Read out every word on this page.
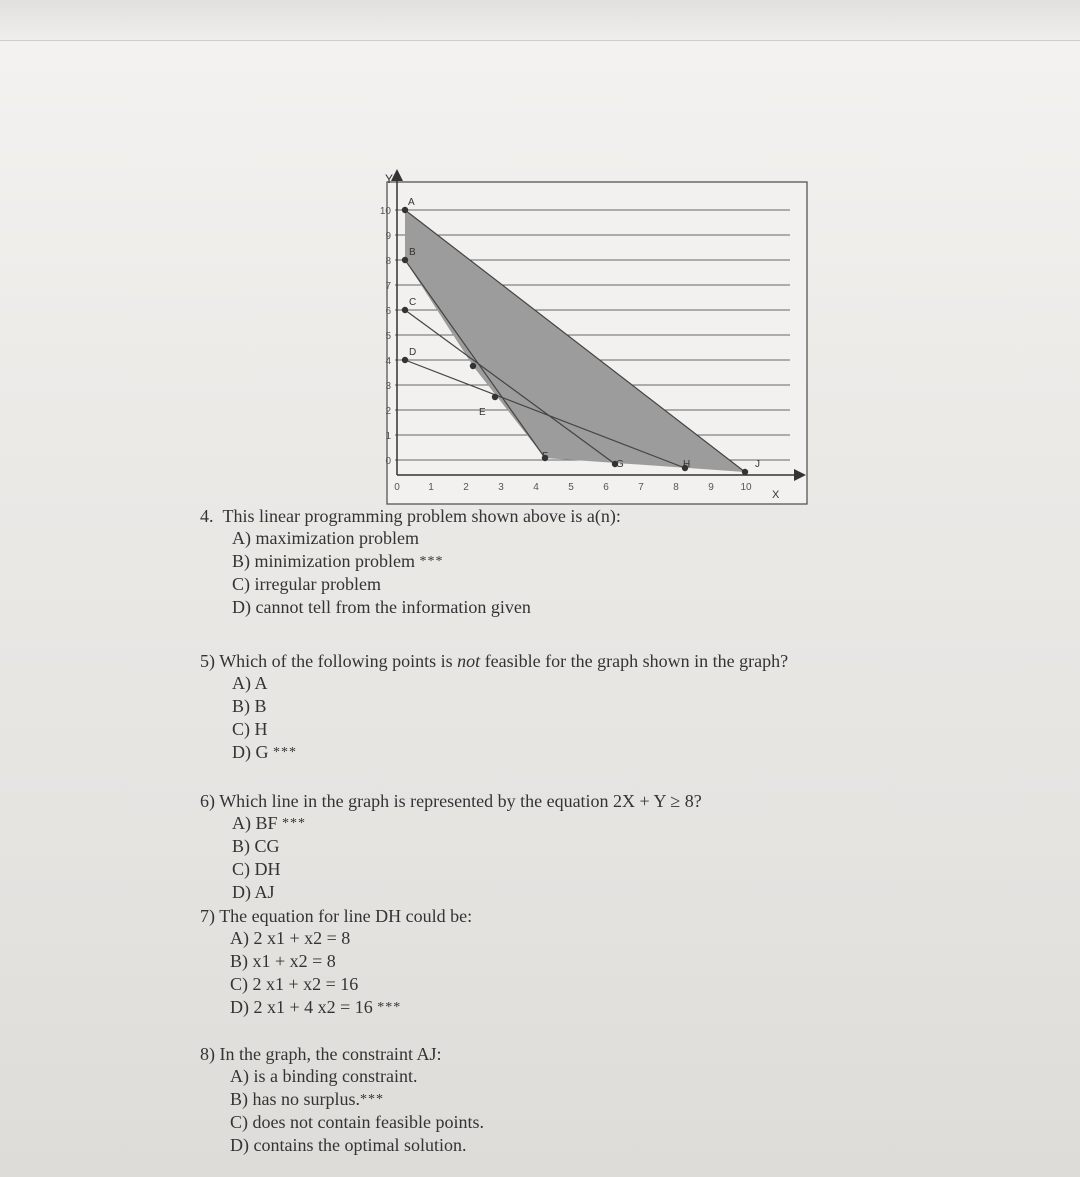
Y
X
10
9
8
7
6
5
4
3
2
1
0
0	1	2	3	4	5	6	7	8	9	10
A
B
C
D
E
F
G	H	J
4. This linear programming problem shown above is a(n):
A) maximization problem
B) minimization problem ***
C) irregular problem
D) cannot tell from the information given
5) Which of the following points is not feasible for the graph shown in the graph?
A) A
B) B
C) H
D) G ***
6) Which line in the graph is represented by the equation 2X + Y ≥ 8?
A) BF ***
B) CG
C) DH
D) AJ
7) The equation for line DH could be:
A) 2 x1 + x2 = 8
B) x1 + x2 = 8
C) 2 x1 + x2 = 16
D) 2 x1 + 4 x2 = 16 ***
8) In the graph, the constraint AJ:
A) is a binding constraint.
B) has no surplus.***
C) does not contain feasible points.
D) contains the optimal solution.
